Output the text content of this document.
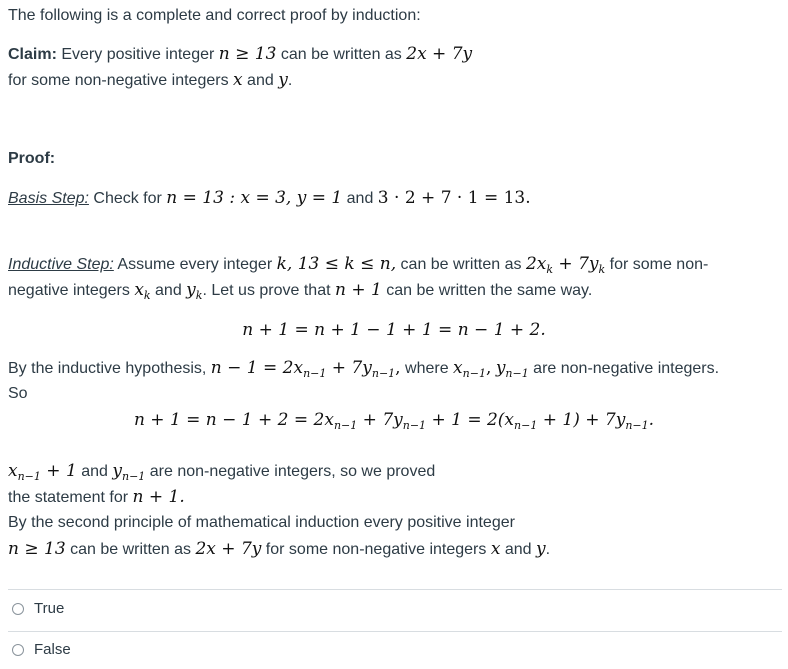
The following is a complete and correct proof by induction:
Claim: Every positive integer n ≥ 13 can be written as 2x + 7y
for some non-negative integers x and y.
Proof:
Basis Step: Check for n = 13 : x = 3, y = 1 and 3 · 2 + 7 · 1 = 13.
Inductive Step: Assume every integer k, 13 ≤ k ≤ n, can be written as $2x_k + 7y_k$ for some non-
negative integers $x_k$ and $y_k$. Let us prove that n + 1 can be written the same way.
n + 1 = n + 1 − 1 + 1 = n − 1 + 2.
By the inductive hypothesis, $n - 1 = 2x_{n-1} + 7y_{n-1}$, where $x_{n-1}$, $y_{n-1}$ are non-negative integers.
So
$n + 1 = n - 1 + 2 = 2x_{n-1} + 7y_{n-1} + 1 = 2(x_{n-1} + 1) + 7y_{n-1}$.
$x_{n-1} + 1$ and $y_{n-1}$ are non-negative integers, so we proved
the statement for n + 1.
By the second principle of mathematical induction every positive integer
n ≥ 13 can be written as 2x + 7y for some non-negative integers x and y.
True
False
